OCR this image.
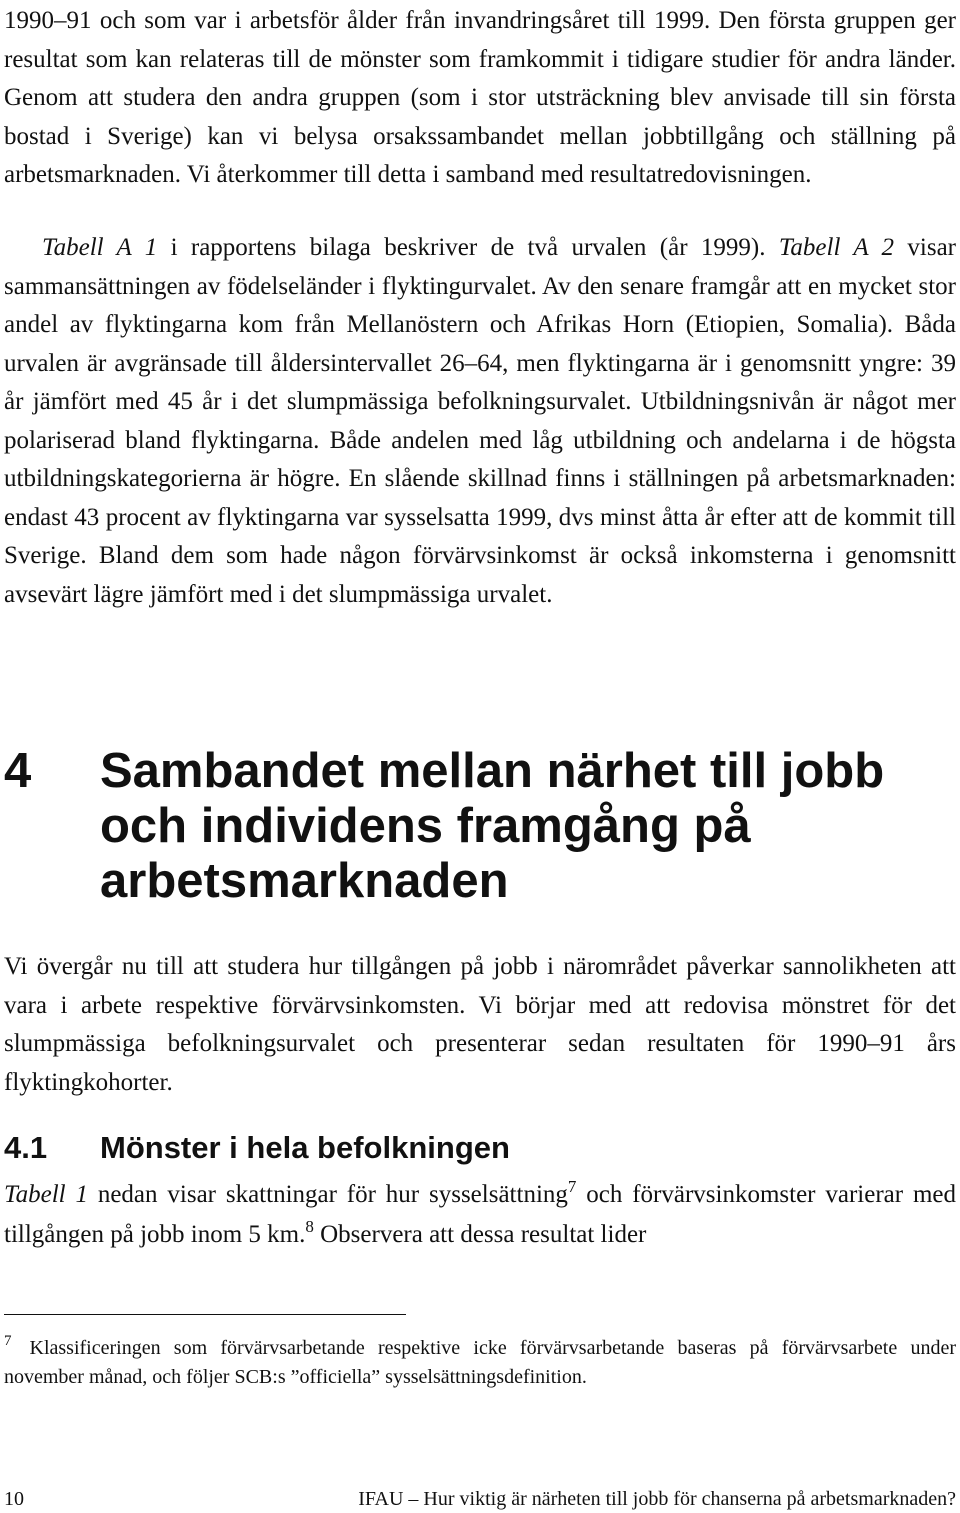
1990–91 och som var i arbetsför ålder från invandringsåret till 1999. Den första gruppen ger resultat som kan relateras till de mönster som framkommit i tidigare studier för andra länder. Genom att studera den andra gruppen (som i stor utsträckning blev anvisade till sin första bostad i Sverige) kan vi belysa orsakssambandet mellan jobbtillgång och ställning på arbetsmarknaden. Vi återkommer till detta i samband med resultatredovisningen.

Tabell A 1 i rapportens bilaga beskriver de två urvalen (år 1999). Tabell A 2 visar sammansättningen av födelseländer i flyktingurvalet. Av den senare framgår att en mycket stor andel av flyktingarna kom från Mellanöstern och Afrikas Horn (Etiopien, Somalia). Båda urvalen är avgränsade till åldersintervallet 26–64, men flyktingarna är i genomsnitt yngre: 39 år jämfört med 45 år i det slumpmässiga befolkningsurvalet. Utbildningsnivån är något mer polariserad bland flyktingarna. Både andelen med låg utbildning och andelarna i de högsta utbildningskategorierna är högre. En slående skillnad finns i ställningen på arbetsmarknaden: endast 43 procent av flyktingarna var sysselsatta 1999, dvs minst åtta år efter att de kommit till Sverige. Bland dem som hade någon förvärvsinkomst är också inkomsterna i genomsnitt avsevärt lägre jämfört med i det slumpmässiga urvalet.

4 Sambandet mellan närhet till jobb och individens framgång på arbetsmarknaden

Vi övergår nu till att studera hur tillgången på jobb i närområdet påverkar sannolikheten att vara i arbete respektive förvärvsinkomsten. Vi börjar med att redovisa mönstret för det slumpmässiga befolkningsurvalet och presenterar sedan resultaten för 1990–91 års flyktingkohorter.

4.1 Mönster i hela befolkningen

Tabell 1 nedan visar skattningar för hur sysselsättning$^7$ och förvärvsinkomster varierar med tillgången på jobb inom 5 km.$^8$ Observera att dessa resultat lider

$^7$ Klassificeringen som förvärvsarbetande respektive icke förvärvsarbetande baseras på förvärvsarbete under november månad, och följer SCB:s ”officiella” sysselsättningsdefinition.

10	IFAU – Hur viktig är närheten till jobb för chanserna på arbetsmarknaden?
